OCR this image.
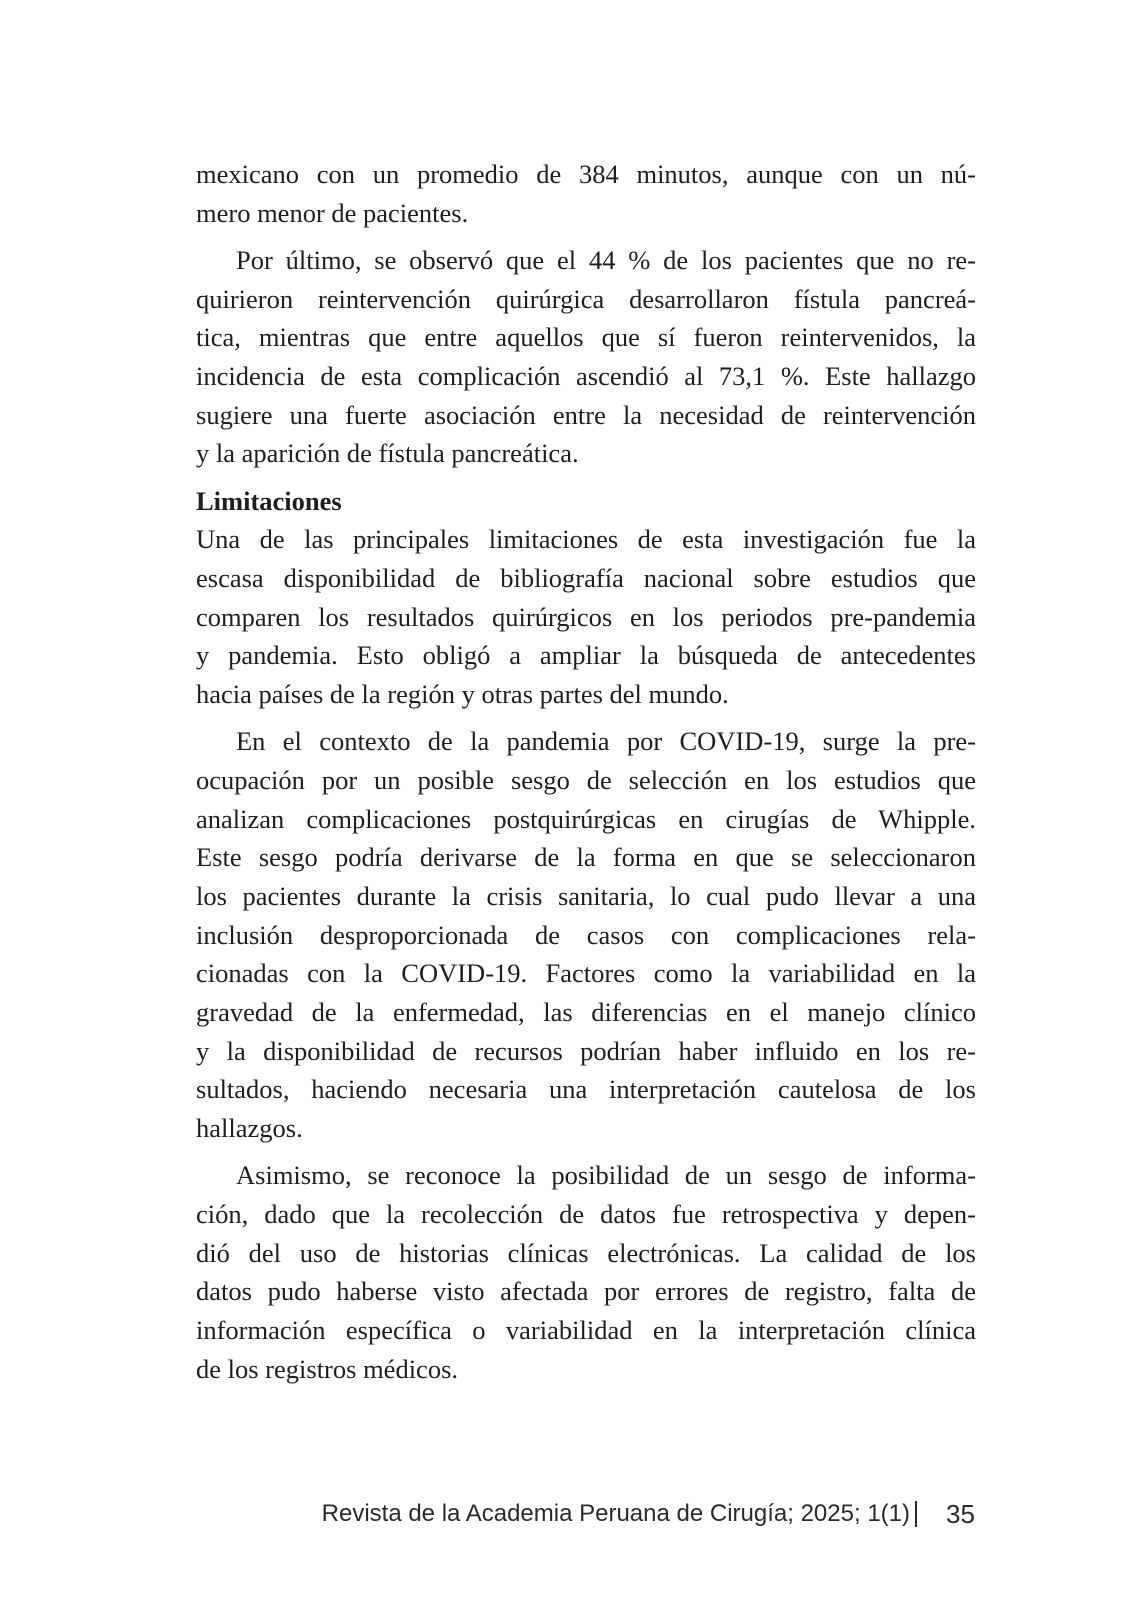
mexicano con un promedio de 384 minutos, aunque con un nú-
mero menor de pacientes.
Por último, se observó que el 44 % de los pacientes que no re-
quirieron reintervención quirúrgica desarrollaron fístula pancreá-
tica, mientras que entre aquellos que sí fueron reintervenidos, la
incidencia de esta complicación ascendió al 73,1 %. Este hallazgo
sugiere una fuerte asociación entre la necesidad de reintervención
y la aparición de fístula pancreática.
Limitaciones
Una de las principales limitaciones de esta investigación fue la
escasa disponibilidad de bibliografía nacional sobre estudios que
comparen los resultados quirúrgicos en los periodos pre-pandemia
y pandemia. Esto obligó a ampliar la búsqueda de antecedentes
hacia países de la región y otras partes del mundo.
En el contexto de la pandemia por COVID-19, surge la pre-
ocupación por un posible sesgo de selección en los estudios que
analizan complicaciones postquirúrgicas en cirugías de Whipple.
Este sesgo podría derivarse de la forma en que se seleccionaron
los pacientes durante la crisis sanitaria, lo cual pudo llevar a una
inclusión desproporcionada de casos con complicaciones rela-
cionadas con la COVID-19. Factores como la variabilidad en la
gravedad de la enfermedad, las diferencias en el manejo clínico
y la disponibilidad de recursos podrían haber influido en los re-
sultados, haciendo necesaria una interpretación cautelosa de los
hallazgos.
Asimismo, se reconoce la posibilidad de un sesgo de informa-
ción, dado que la recolección de datos fue retrospectiva y depen-
dió del uso de historias clínicas electrónicas. La calidad de los
datos pudo haberse visto afectada por errores de registro, falta de
información específica o variabilidad en la interpretación clínica
de los registros médicos.
Revista de la Academia Peruana de Cirugía; 2025; 1(1) 35
